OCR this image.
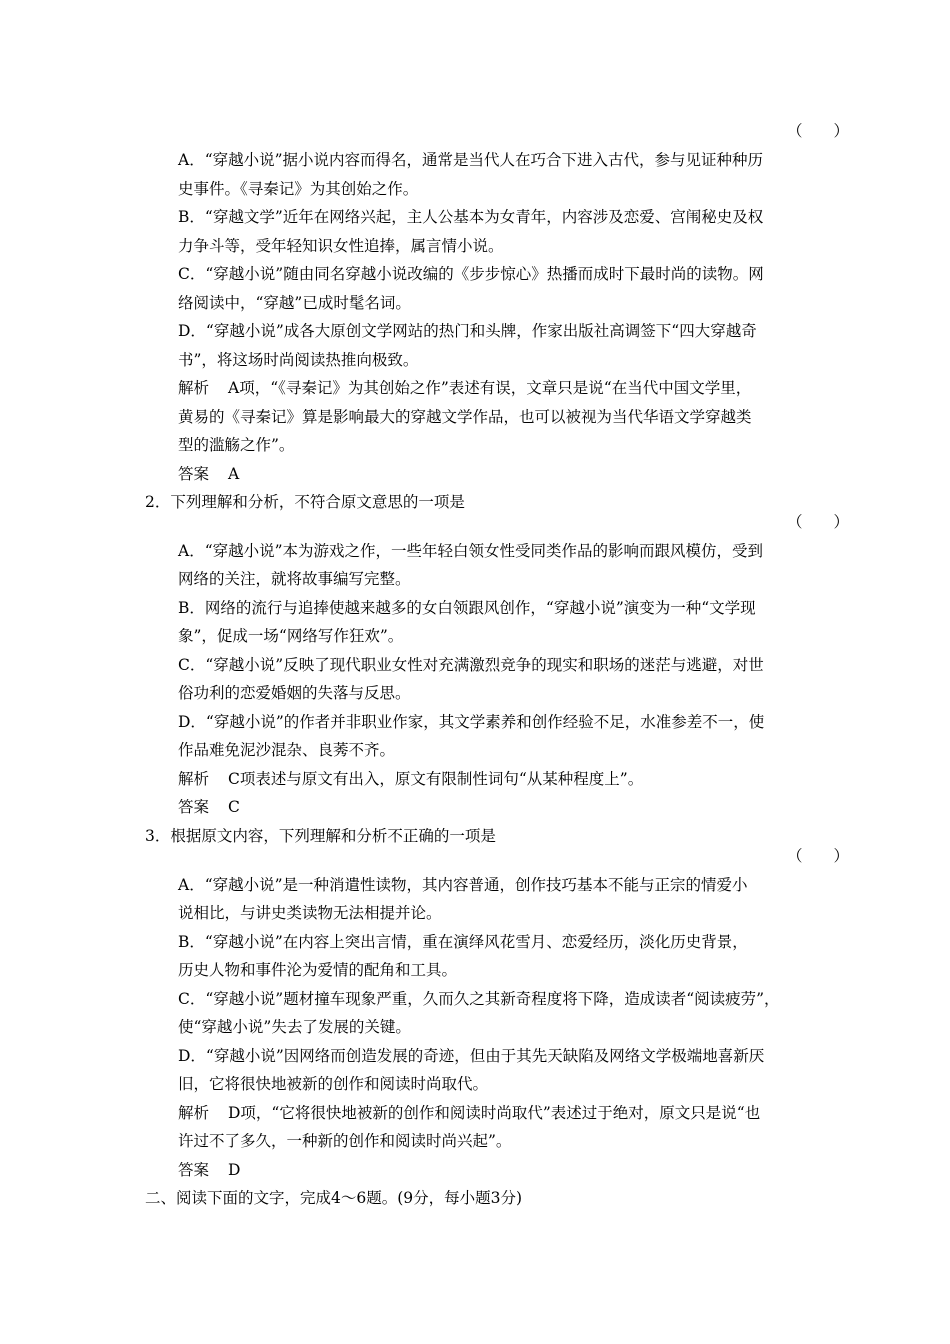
（　　）
A．“穿越小说”据小说内容而得名，通常是当代人在巧合下进入古代，参与见证种种历
史事件。《寻秦记》为其创始之作。
B．“穿越文学”近年在网络兴起，主人公基本为女青年，内容涉及恋爱、宫闱秘史及权
力争斗等，受年轻知识女性追捧，属言情小说。
C．“穿越小说”随由同名穿越小说改编的《步步惊心》热播而成时下最时尚的读物。网
络阅读中，“穿越”已成时髦名词。
D．“穿越小说”成各大原创文学网站的热门和头牌，作家出版社高调签下“四大穿越奇
书”，将这场时尚阅读热推向极致。
解析 A项，“《寻秦记》为其创始之作”表述有误，文章只是说“在当代中国文学里，
黄易的《寻秦记》算是影响最大的穿越文学作品，也可以被视为当代华语文学穿越类
型的滥觞之作”。
答案 A
2．下列理解和分析，不符合原文意思的一项是
（　　）
A．“穿越小说”本为游戏之作，一些年轻白领女性受同类作品的影响而跟风模仿，受到
网络的关注，就将故事编写完整。
B．网络的流行与追捧使越来越多的女白领跟风创作，“穿越小说”演变为一种“文学现
象”，促成一场“网络写作狂欢”。
C．“穿越小说”反映了现代职业女性对充满激烈竞争的现实和职场的迷茫与逃避，对世
俗功利的恋爱婚姻的失落与反思。
D．“穿越小说”的作者并非职业作家，其文学素养和创作经验不足，水准参差不一，使
作品难免泥沙混杂、良莠不齐。
解析 C项表述与原文有出入，原文有限制性词句“从某种程度上”。
答案 C
3．根据原文内容，下列理解和分析不正确的一项是
（　　）
A．“穿越小说”是一种消遣性读物，其内容普通，创作技巧基本不能与正宗的情爱小
说相比，与讲史类读物无法相提并论。
B．“穿越小说”在内容上突出言情，重在演绎风花雪月、恋爱经历，淡化历史背景，
历史人物和事件沦为爱情的配角和工具。
C．“穿越小说”题材撞车现象严重，久而久之其新奇程度将下降，造成读者“阅读疲劳”，
使“穿越小说”失去了发展的关键。
D．“穿越小说”因网络而创造发展的奇迹，但由于其先天缺陷及网络文学极端地喜新厌
旧，它将很快地被新的创作和阅读时尚取代。
解析 D项，“它将很快地被新的创作和阅读时尚取代”表述过于绝对，原文只是说“也
许过不了多久，一种新的创作和阅读时尚兴起”。
答案 D
二、阅读下面的文字，完成4～6题。(9分，每小题3分)
